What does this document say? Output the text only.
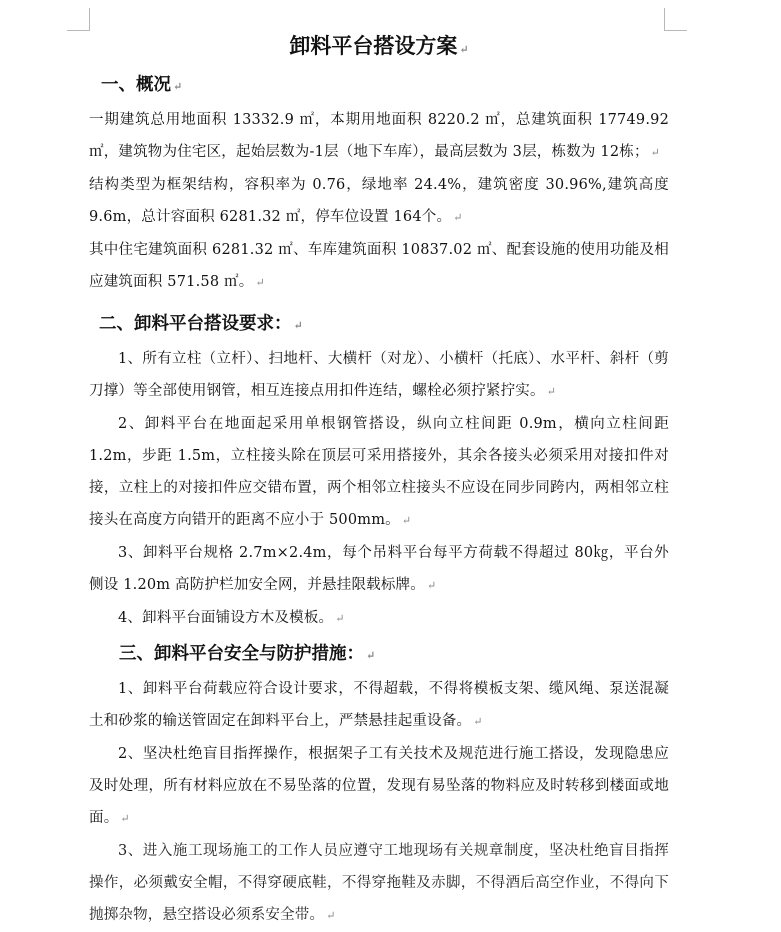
卸料平台搭设方案 ↵
一、概况 ↵

一期建筑总用地面积 13332.9 ㎡，本期用地面积 8220.2 ㎡，总建筑面积 17749.92 ㎡，建筑物为住宅区，起始层数为-1层（地下车库），最高层数为 3层，栋数为 12栋； ↵

结构类型为框架结构，容积率为 0.76，绿地率 24.4%，建筑密度 30.96%,建筑高度 9.6m，总计容面积 6281.32 ㎡，停车位设置 164个。 ↵

其中住宅建筑面积 6281.32 ㎡、车库建筑面积 10837.02 ㎡、配套设施的使用功能及相应建筑面积 571.58 ㎡。 ↵

二、卸料平台搭设要求： ↵

1、所有立柱（立杆）、扫地杆、大横杆（对龙）、小横杆（托底）、水平杆、斜杆（剪刀撑）等全部使用钢管，相互连接点用扣件连结，螺栓必须拧紧拧实。 ↵

2、卸料平台在地面起采用单根钢管搭设，纵向立柱间距 0.9m，横向立柱间距 1.2m，步距 1.5m，立柱接头除在顶层可采用搭接外，其余各接头必须采用对接扣件对接，立柱上的对接扣件应交错布置，两个相邻立柱接头不应设在同步同跨内，两相邻立柱接头在高度方向错开的距离不应小于 500mm。 ↵

3、卸料平台规格 2.7m×2.4m，每个吊料平台每平方荷载不得超过 80㎏，平台外侧设 1.20m 高防护栏加安全网，并悬挂限载标牌。 ↵

4、卸料平台面铺设方木及模板。 ↵

三、卸料平台安全与防护措施： ↵

1、卸料平台荷载应符合设计要求，不得超载，不得将模板支架、缆风绳、泵送混凝土和砂浆的输送管固定在卸料平台上，严禁悬挂起重设备。 ↵

2、坚决杜绝盲目指挥操作，根据架子工有关技术及规范进行施工搭设，发现隐患应及时处理，所有材料应放在不易坠落的位置，发现有易坠落的物料应及时转移到楼面或地面。 ↵

3、进入施工现场施工的工作人员应遵守工地现场有关规章制度，坚决杜绝盲目指挥操作，必须戴安全帽，不得穿硬底鞋，不得穿拖鞋及赤脚，不得酒后高空作业，不得向下抛掷杂物，悬空搭设必须系安全带。 ↵
